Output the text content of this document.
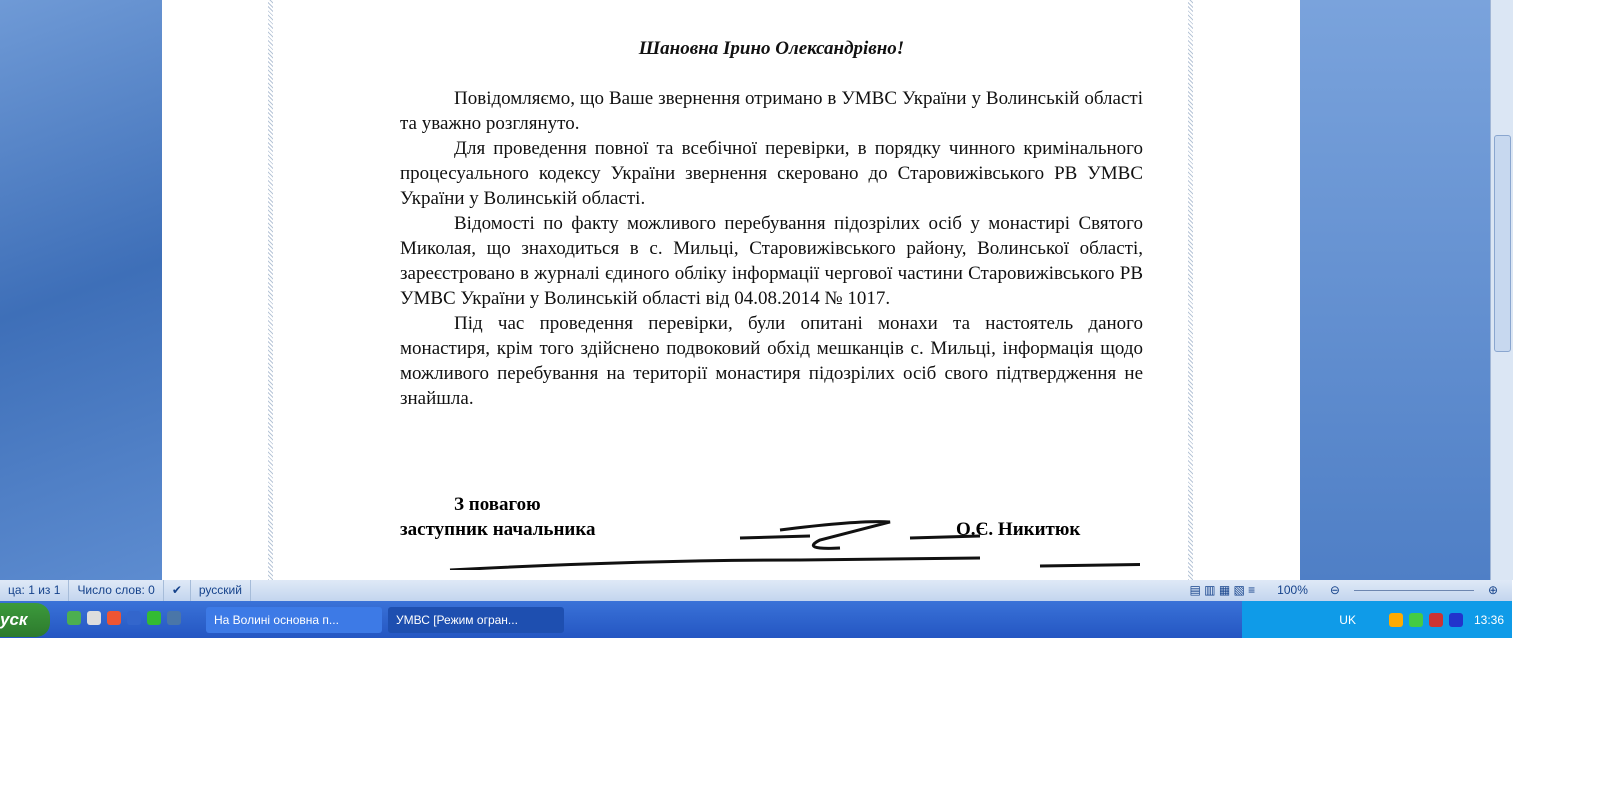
Шановна Ірино Олександрівно!

Повідомляємо, що Ваше звернення отримано в УМВС України у Волинській області та уважно розглянуто.

Для проведення повної та всебічної перевірки, в порядку чинного кримінального процесуального кодексу України звернення скеровано до Старовижівського РВ УМВС України у Волинській області.

Відомості по факту можливого перебування підозрілих осіб у монастирі Святого Миколая, що знаходиться в с. Мильці, Старовижівського району, Волинської області, зареєстровано в журналі єдиного обліку інформації чергової частини Старовижівського РВ УМВС України у Волинській області від 04.08.2014 № 1017.

Під час проведення перевірки, були опитані монахи та настоятель даного монастиря, крім того здійснено подвоковий обхід мешканців с. Мильці, інформація щодо можливого перебування на території монастиря підозрілих осіб свого підтвердження не знайшла.

З повагою
заступник начальника	О.Є. Никитюк
ца: 1 из 1	Число слов: 0	✔	русский	▤ ▥ ▦ ▧ ≡	100%	⊖	⊕
уск	На Волині основна п...	УМВС [Режим огран...	UK	13:36
